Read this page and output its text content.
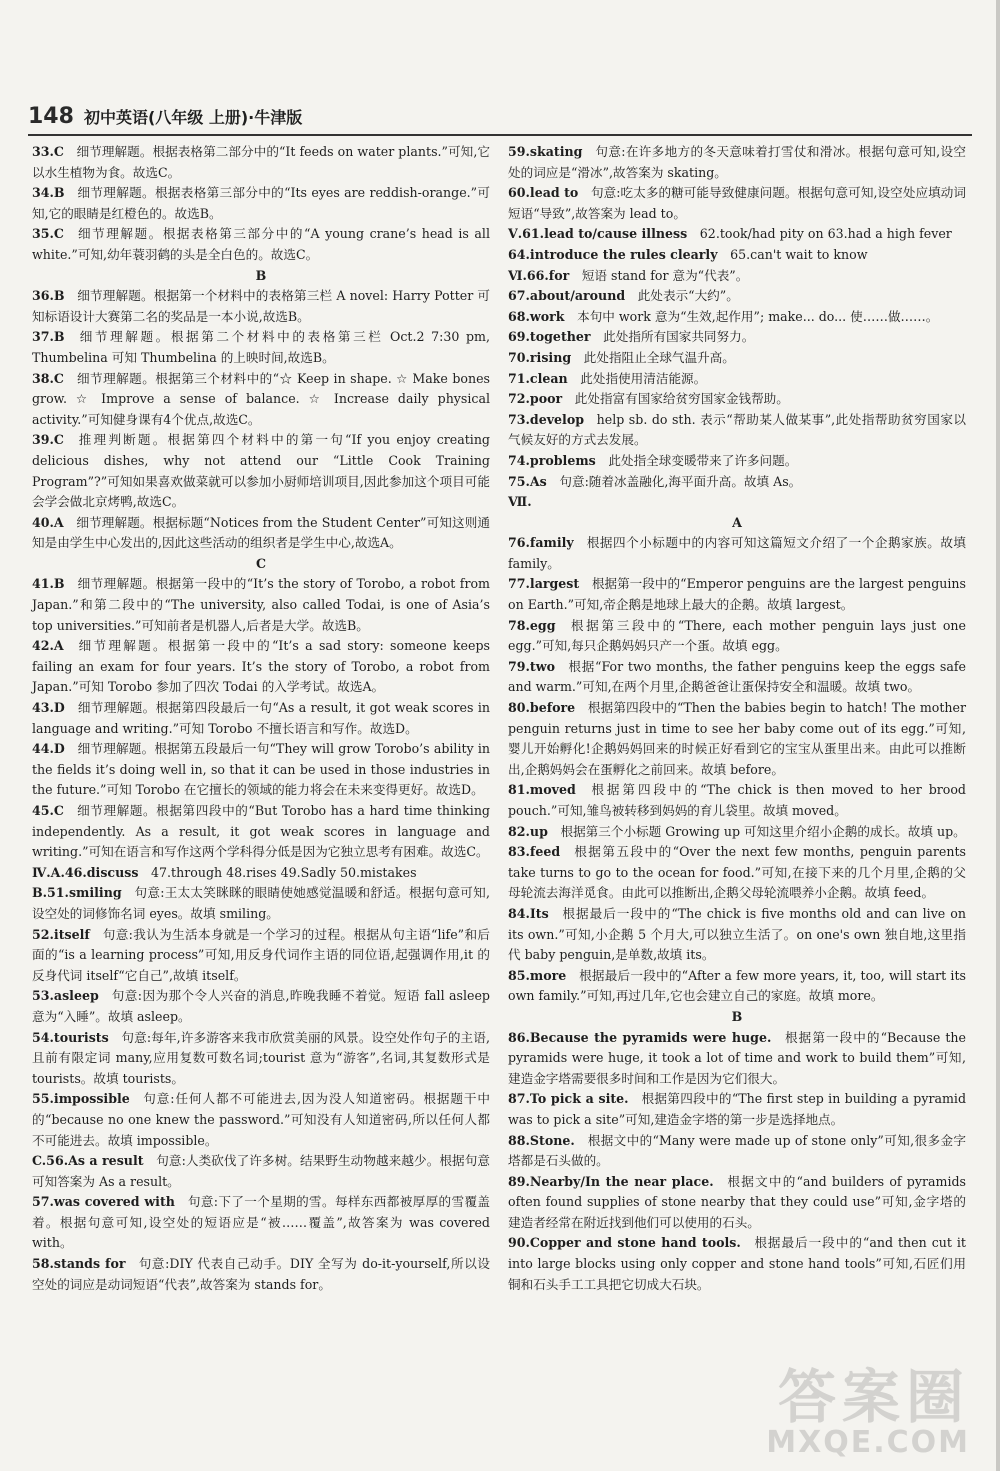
148 初中英语(八年级 上册)·牛津版

33.C  细节理解题。根据表格第二部分中的“It feeds on water plants.”可知,它以水生植物为食。故选C。

34.B  细节理解题。根据表格第三部分中的“Its eyes are reddish-orange.”可知,它的眼睛是红橙色的。故选B。

35.C  细节理解题。根据表格第三部分中的“A young crane’s head is all white.”可知,幼年蓑羽鹤的头是全白色的。故选C。

B

36.B  细节理解题。根据第一个材料中的表格第三栏 A novel: Harry Potter 可知标语设计大赛第二名的奖品是一本小说,故选B。

37.B  细节理解题。根据第二个材料中的表格第三栏 Oct.2 7:30 pm, Thumbelina 可知 Thumbelina 的上映时间,故选B。

38.C  细节理解题。根据第三个材料中的“☆ Keep in shape. ☆ Make bones grow. ☆ Improve a sense of balance. ☆ Increase daily physical activity.”可知健身课有4个优点,故选C。

39.C  推理判断题。根据第四个材料中的第一句“If you enjoy creating delicious dishes, why not attend our “Little Cook Training Program”?”可知如果喜欢做菜就可以参加小厨师培训项目,因此参加这个项目可能会学会做北京烤鸭,故选C。

40.A  细节理解题。根据标题“Notices from the Student Center”可知这则通知是由学生中心发出的,因此这些活动的组织者是学生中心,故选A。

C

41.B  细节理解题。根据第一段中的“It’s the story of Torobo, a robot from Japan.”和第二段中的“The university, also called Todai, is one of Asia’s top universities.”可知前者是机器人,后者是大学。故选B。

42.A  细节理解题。根据第一段中的“It’s a sad story: someone keeps failing an exam for four years. It’s the story of Torobo, a robot from Japan.”可知 Torobo 参加了四次 Todai 的入学考试。故选A。

43.D  细节理解题。根据第四段最后一句“As a result, it got weak scores in language and writing.”可知 Torobo 不擅长语言和写作。故选D。

44.D  细节理解题。根据第五段最后一句“They will grow Torobo’s ability in the fields it’s doing well in, so that it can be used in those industries in the future.”可知 Torobo 在它擅长的领域的能力将会在未来变得更好。故选D。

45.C  细节理解题。根据第四段中的“But Torobo has a hard time thinking independently. As a result, it got weak scores in language and writing.”可知在语言和写作这两个学科得分低是因为它独立思考有困难。故选C。

Ⅳ.A.46.discuss  47.through 48.rises 49.Sadly 50.mistakes

B.51.smiling  句意:王太太笑眯眯的眼睛使她感觉温暖和舒适。根据句意可知,设空处的词修饰名词 eyes。故填 smiling。

52.itself  句意:我认为生活本身就是一个学习的过程。根据从句主语“life”和后面的“is a learning process”可知,用反身代词作主语的同位语,起强调作用,it 的反身代词 itself“它自己”,故填 itself。

53.asleep  句意:因为那个令人兴奋的消息,昨晚我睡不着觉。短语 fall asleep 意为“入睡”。故填 asleep。

54.tourists  句意:每年,许多游客来我市欣赏美丽的风景。设空处作句子的主语,且前有限定词 many,应用复数可数名词;tourist 意为“游客”,名词,其复数形式是 tourists。故填 tourists。

55.impossible  句意:任何人都不可能进去,因为没人知道密码。根据题干中的“because no one knew the password.”可知没有人知道密码,所以任何人都不可能进去。故填 impossible。

C.56.As a result  句意:人类砍伐了许多树。结果野生动物越来越少。根据句意可知答案为 As a result。

57.was covered with  句意:下了一个星期的雪。每样东西都被厚厚的雪覆盖着。根据句意可知,设空处的短语应是“被……覆盖”,故答案为 was covered with。

58.stands for  句意:DIY 代表自己动手。DIY 全写为 do-it-yourself,所以设空处的词应是动词短语“代表”,故答案为 stands for。

59.skating  句意:在许多地方的冬天意味着打雪仗和滑冰。根据句意可知,设空处的词应是“滑冰”,故答案为 skating。

60.lead to  句意:吃太多的糖可能导致健康问题。根据句意可知,设空处应填动词短语“导致”,故答案为 lead to。

Ⅴ.61.lead to/cause illness  62.took/had pity on 63.had a high fever

64.introduce the rules clearly  65.can't wait to know

Ⅵ.66.for  短语 stand for 意为“代表”。

67.about/around  此处表示“大约”。

68.work  本句中 work 意为“生效,起作用”; make... do... 使……做……。

69.together  此处指所有国家共同努力。

70.rising  此处指阻止全球气温升高。

71.clean  此处指使用清洁能源。

72.poor  此处指富有国家给贫穷国家金钱帮助。

73.develop  help sb. do sth. 表示“帮助某人做某事”,此处指帮助贫穷国家以气候友好的方式去发展。

74.problems  此处指全球变暖带来了许多问题。

75.As  句意:随着冰盖融化,海平面升高。故填 As。

Ⅶ. 

A

76.family  根据四个小标题中的内容可知这篇短文介绍了一个企鹅家族。故填 family。

77.largest  根据第一段中的“Emperor penguins are the largest penguins on Earth.”可知,帝企鹅是地球上最大的企鹅。故填 largest。

78.egg  根据第三段中的“There, each mother penguin lays just one egg.”可知,每只企鹅妈妈只产一个蛋。故填 egg。

79.two  根据“For two months, the father penguins keep the eggs safe and warm.”可知,在两个月里,企鹅爸爸让蛋保持安全和温暖。故填 two。

80.before  根据第四段中的“Then the babies begin to hatch! The mother penguin returns just in time to see her baby come out of its egg.”可知,婴儿开始孵化!企鹅妈妈回来的时候正好看到它的宝宝从蛋里出来。由此可以推断出,企鹅妈妈会在蛋孵化之前回来。故填 before。

81.moved  根据第四段中的“The chick is then moved to her brood pouch.”可知,雏鸟被转移到妈妈的育儿袋里。故填 moved。

82.up  根据第三个小标题 Growing up 可知这里介绍小企鹅的成长。故填 up。

83.feed  根据第五段中的“Over the next few months, penguin parents take turns to go to the ocean for food.”可知,在接下来的几个月里,企鹅的父母轮流去海洋觅食。由此可以推断出,企鹅父母轮流喂养小企鹅。故填 feed。

84.Its  根据最后一段中的“The chick is five months old and can live on its own.”可知,小企鹅 5 个月大,可以独立生活了。on one's own 独自地,这里指代 baby penguin,是单数,故填 its。

85.more  根据最后一段中的“After a few more years, it, too, will start its own family.”可知,再过几年,它也会建立自己的家庭。故填 more。

B

86.Because the pyramids were huge.  根据第一段中的“Because the pyramids were huge, it took a lot of time and work to build them”可知,建造金字塔需要很多时间和工作是因为它们很大。

87.To pick a site.  根据第四段中的“The first step in building a pyramid was to pick a site”可知,建造金字塔的第一步是选择地点。

88.Stone.  根据文中的“Many were made up of stone only”可知,很多金字塔都是石头做的。

89.Nearby/In the near place.  根据文中的“and builders of pyramids often found supplies of stone nearby that they could use”可知,金字塔的建造者经常在附近找到他们可以使用的石头。

90.Copper and stone hand tools.  根据最后一段中的“and then cut it into large blocks using only copper and stone hand tools”可知,石匠们用铜和石头手工工具把它切成大石块。

答案圈
MXQE.COM
